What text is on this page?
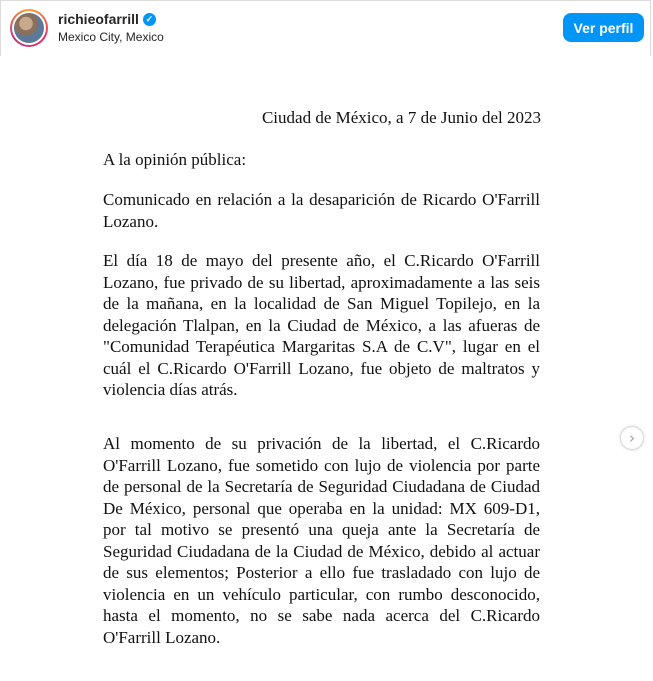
richieofarrill ✓
Mexico City, Mexico
Ver perfil
Ciudad de México, a 7 de Junio del 2023

A la opinión pública:

Comunicado en relación a la desaparición de Ricardo O'Farrill Lozano.

El día 18 de mayo del presente año, el C.Ricardo O'Farrill Lozano, fue privado de su libertad, aproximadamente a las seis de la mañana, en la localidad de San Miguel Topilejo, en la delegación Tlalpan, en la Ciudad de México, a las afueras de "Comunidad Terapéutica Margaritas S.A de C.V", lugar en el cuál el C.Ricardo O'Farrill Lozano, fue objeto de maltratos y violencia días atrás.

Al momento de su privación de la libertad, el C.Ricardo O'Farrill Lozano, fue sometido con lujo de violencia por parte de personal de la Secretaría de Seguridad Ciudadana de Ciudad De México, personal que operaba en la unidad: MX 609-D1, por tal motivo se presentó una queja ante la Secretaría de Seguridad Ciudadana de la Ciudad de México, debido al actuar de sus elementos; Posterior a ello fue trasladado con lujo de violencia en un vehículo particular, con rumbo desconocido, hasta el momento, no se sabe nada acerca del C.Ricardo O'Farrill Lozano.

›
